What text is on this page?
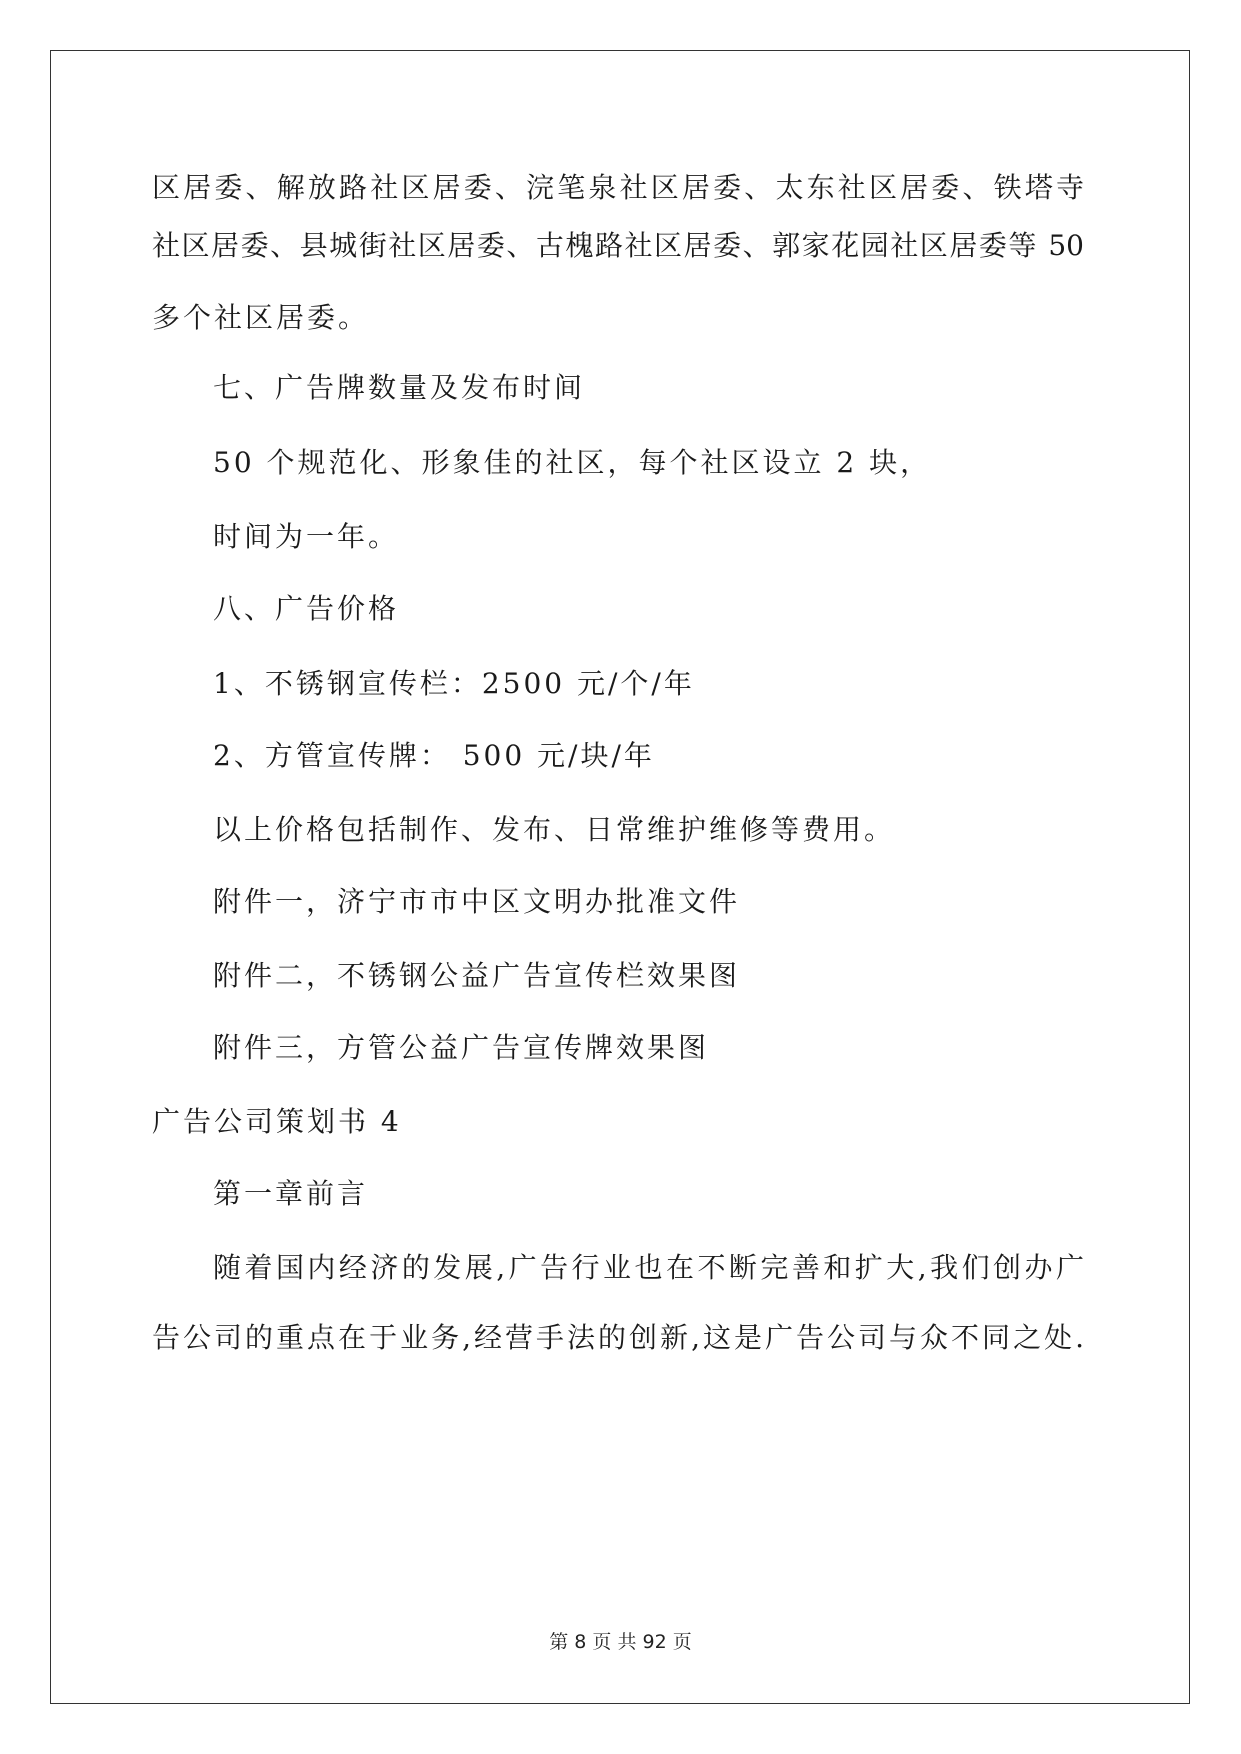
区居委、解放路社区居委、浣笔泉社区居委、太东社区居委、铁塔寺
社区居委、县城街社区居委、古槐路社区居委、郭家花园社区居委等 50
多个社区居委。
七、广告牌数量及发布时间
50 个规范化、形象佳的社区，每个社区设立 2 块，
时间为一年。
八、广告价格
1、不锈钢宣传栏：2500 元/个/年
2、方管宣传牌： 500 元/块/年
以上价格包括制作、发布、日常维护维修等费用。
附件一，济宁市市中区文明办批准文件
附件二，不锈钢公益广告宣传栏效果图
附件三，方管公益广告宣传牌效果图
广告公司策划书 4
第一章前言
随着国内经济的发展,广告行业也在不断完善和扩大,我们创办广
告公司的重点在于业务,经营手法的创新,这是广告公司与众不同之处.
第 8 页 共 92 页
